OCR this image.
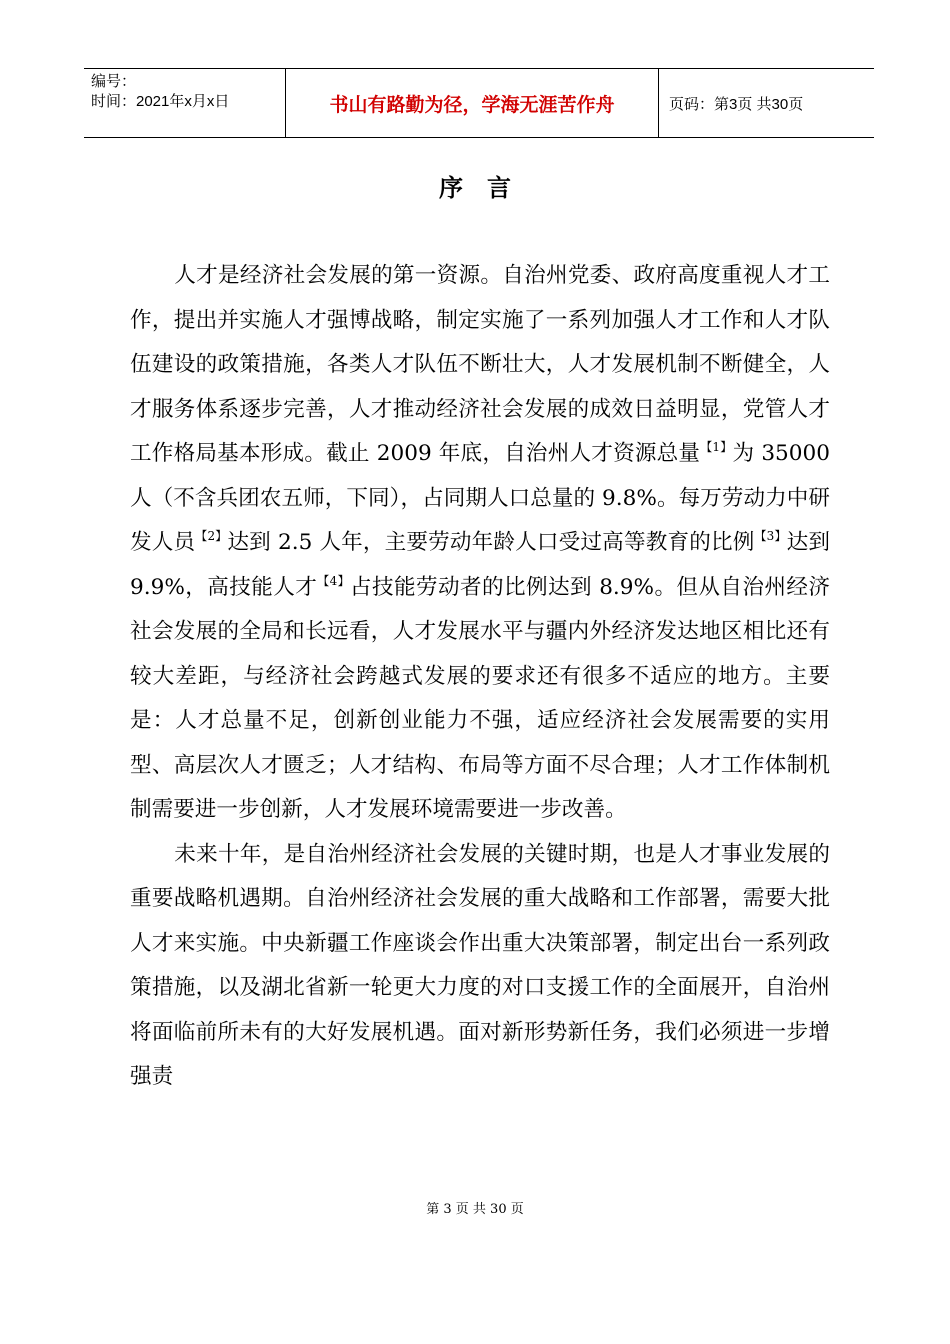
编号：
时间：2021年x月x日	书山有路勤为径，学海无涯苦作舟	页码：第3页 共30页
序言

人才是经济社会发展的第一资源。自治州党委、政府高度重视人才工作，提出并实施人才强博战略，制定实施了一系列加强人才工作和人才队伍建设的政策措施，各类人才队伍不断壮大，人才发展机制不断健全，人才服务体系逐步完善，人才推动经济社会发展的成效日益明显，党管人才工作格局基本形成。截止 2009 年底，自治州人才资源总量$^{【1】}$为 35000 人（不含兵团农五师，下同），占同期人口总量的 9.8%。每万劳动力中研发人员$^{【2】}$达到 2.5 人年，主要劳动年龄人口受过高等教育的比例$^{【3】}$达到 9.9%，高技能人才$^{【4】}$占技能劳动者的比例达到 8.9%。但从自治州经济社会发展的全局和长远看，人才发展水平与疆内外经济发达地区相比还有较大差距，与经济社会跨越式发展的要求还有很多不适应的地方。主要是：人才总量不足，创新创业能力不强，适应经济社会发展需要的实用型、高层次人才匮乏；人才结构、布局等方面不尽合理；人才工作体制机制需要进一步创新，人才发展环境需要进一步改善。

未来十年，是自治州经济社会发展的关键时期，也是人才事业发展的重要战略机遇期。自治州经济社会发展的重大战略和工作部署，需要大批人才来实施。中央新疆工作座谈会作出重大决策部署，制定出台一系列政策措施，以及湖北省新一轮更大力度的对口支援工作的全面展开，自治州将面临前所未有的大好发展机遇。面对新形势新任务，我们必须进一步增强责

第 3 页 共 30 页
